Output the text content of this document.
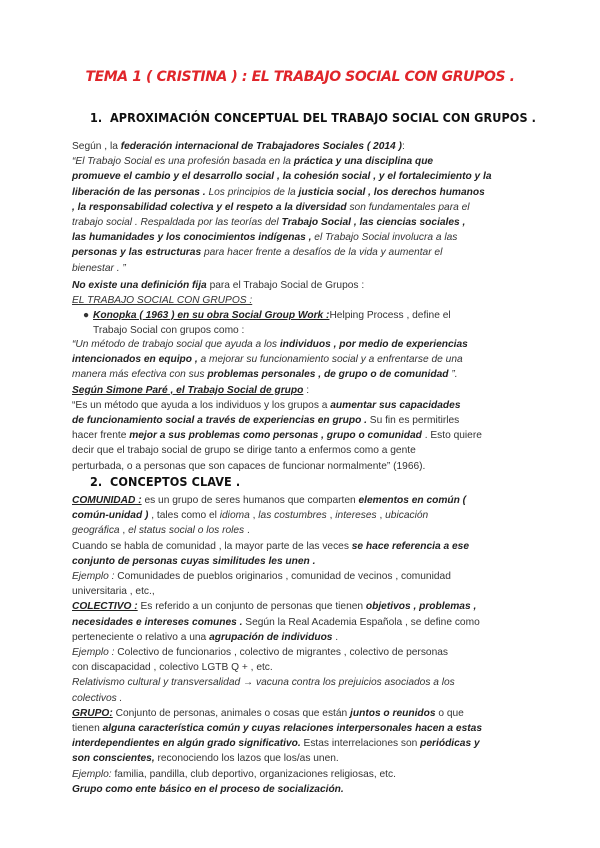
TEMA 1 ( CRISTINA ) : EL TRABAJO SOCIAL CON GRUPOS .
1. APROXIMACIÓN CONCEPTUAL DEL TRABAJO SOCIAL CON GRUPOS .
Según , la federación internacional de Trabajadores Sociales ( 2014 ):
“El Trabajo Social es una profesión basada en la práctica y una disciplina que
promueve el cambio y el desarrollo social , la cohesión social , y el fortalecimiento y la
liberación de las personas . Los principios de la justicia social , los derechos humanos
, la responsabilidad colectiva y el respeto a la diversidad son fundamentales para el
trabajo social . Respaldada por las teorías del Trabajo Social , las ciencias sociales ,
las humanidades y los conocimientos indígenas , el Trabajo Social involucra a las
personas y las estructuras para hacer frente a desafíos de la vida y aumentar el
bienestar . ”
No existe una definición fija para el Trabajo Social de Grupos :
EL TRABAJO SOCIAL CON GRUPOS :
● Konopka ( 1963 ) en su obra Social Group Work :Helping Process , define el
Trabajo Social con grupos como :
“Un método de trabajo social que ayuda a los individuos , por medio de experiencias
intencionados en equipo , a mejorar su funcionamiento social y a enfrentarse de una
manera más efectiva con sus problemas personales , de grupo o de comunidad ”.
Según Simone Paré , el Trabajo Social de grupo :
“Es un método que ayuda a los individuos y los grupos a aumentar sus capacidades
de funcionamiento social a través de experiencias en grupo . Su fin es permitirles
hacer frente mejor a sus problemas como personas , grupo o comunidad . Esto quiere
decir que el trabajo social de grupo se dirige tanto a enfermos como a gente
perturbada, o a personas que son capaces de funcionar normalmente” (1966).
2. CONCEPTOS CLAVE .
COMUNIDAD : es un grupo de seres humanos que comparten elementos en común (
común-unidad ) , tales como el idioma , las costumbres , intereses , ubicación
geográfica , el status social o los roles .
Cuando se habla de comunidad , la mayor parte de las veces se hace referencia a ese
conjunto de personas cuyas similitudes les unen .
Ejemplo : Comunidades de pueblos originarios , comunidad de vecinos , comunidad
universitaria , etc.,
COLECTIVO : Es referido a un conjunto de personas que tienen objetivos , problemas ,
necesidades e intereses comunes . Según la Real Academia Española , se define como
perteneciente o relativo a una agrupación de individuos .
Ejemplo : Colectivo de funcionarios , colectivo de migrantes , colectivo de personas
con discapacidad , colectivo LGTB Q + , etc.
Relativismo cultural y transversalidad → vacuna contra los prejuicios asociados a los
colectivos .
GRUPO: Conjunto de personas, animales o cosas que están juntos o reunidos o que
tienen alguna característica común y cuyas relaciones interpersonales hacen a estas
interdependientes en algún grado significativo. Estas interrelaciones son periódicas y
son conscientes, reconociendo los lazos que los/as unen.
Ejemplo: familia, pandilla, club deportivo, organizaciones religiosas, etc.
Grupo como ente básico en el proceso de socialización.
